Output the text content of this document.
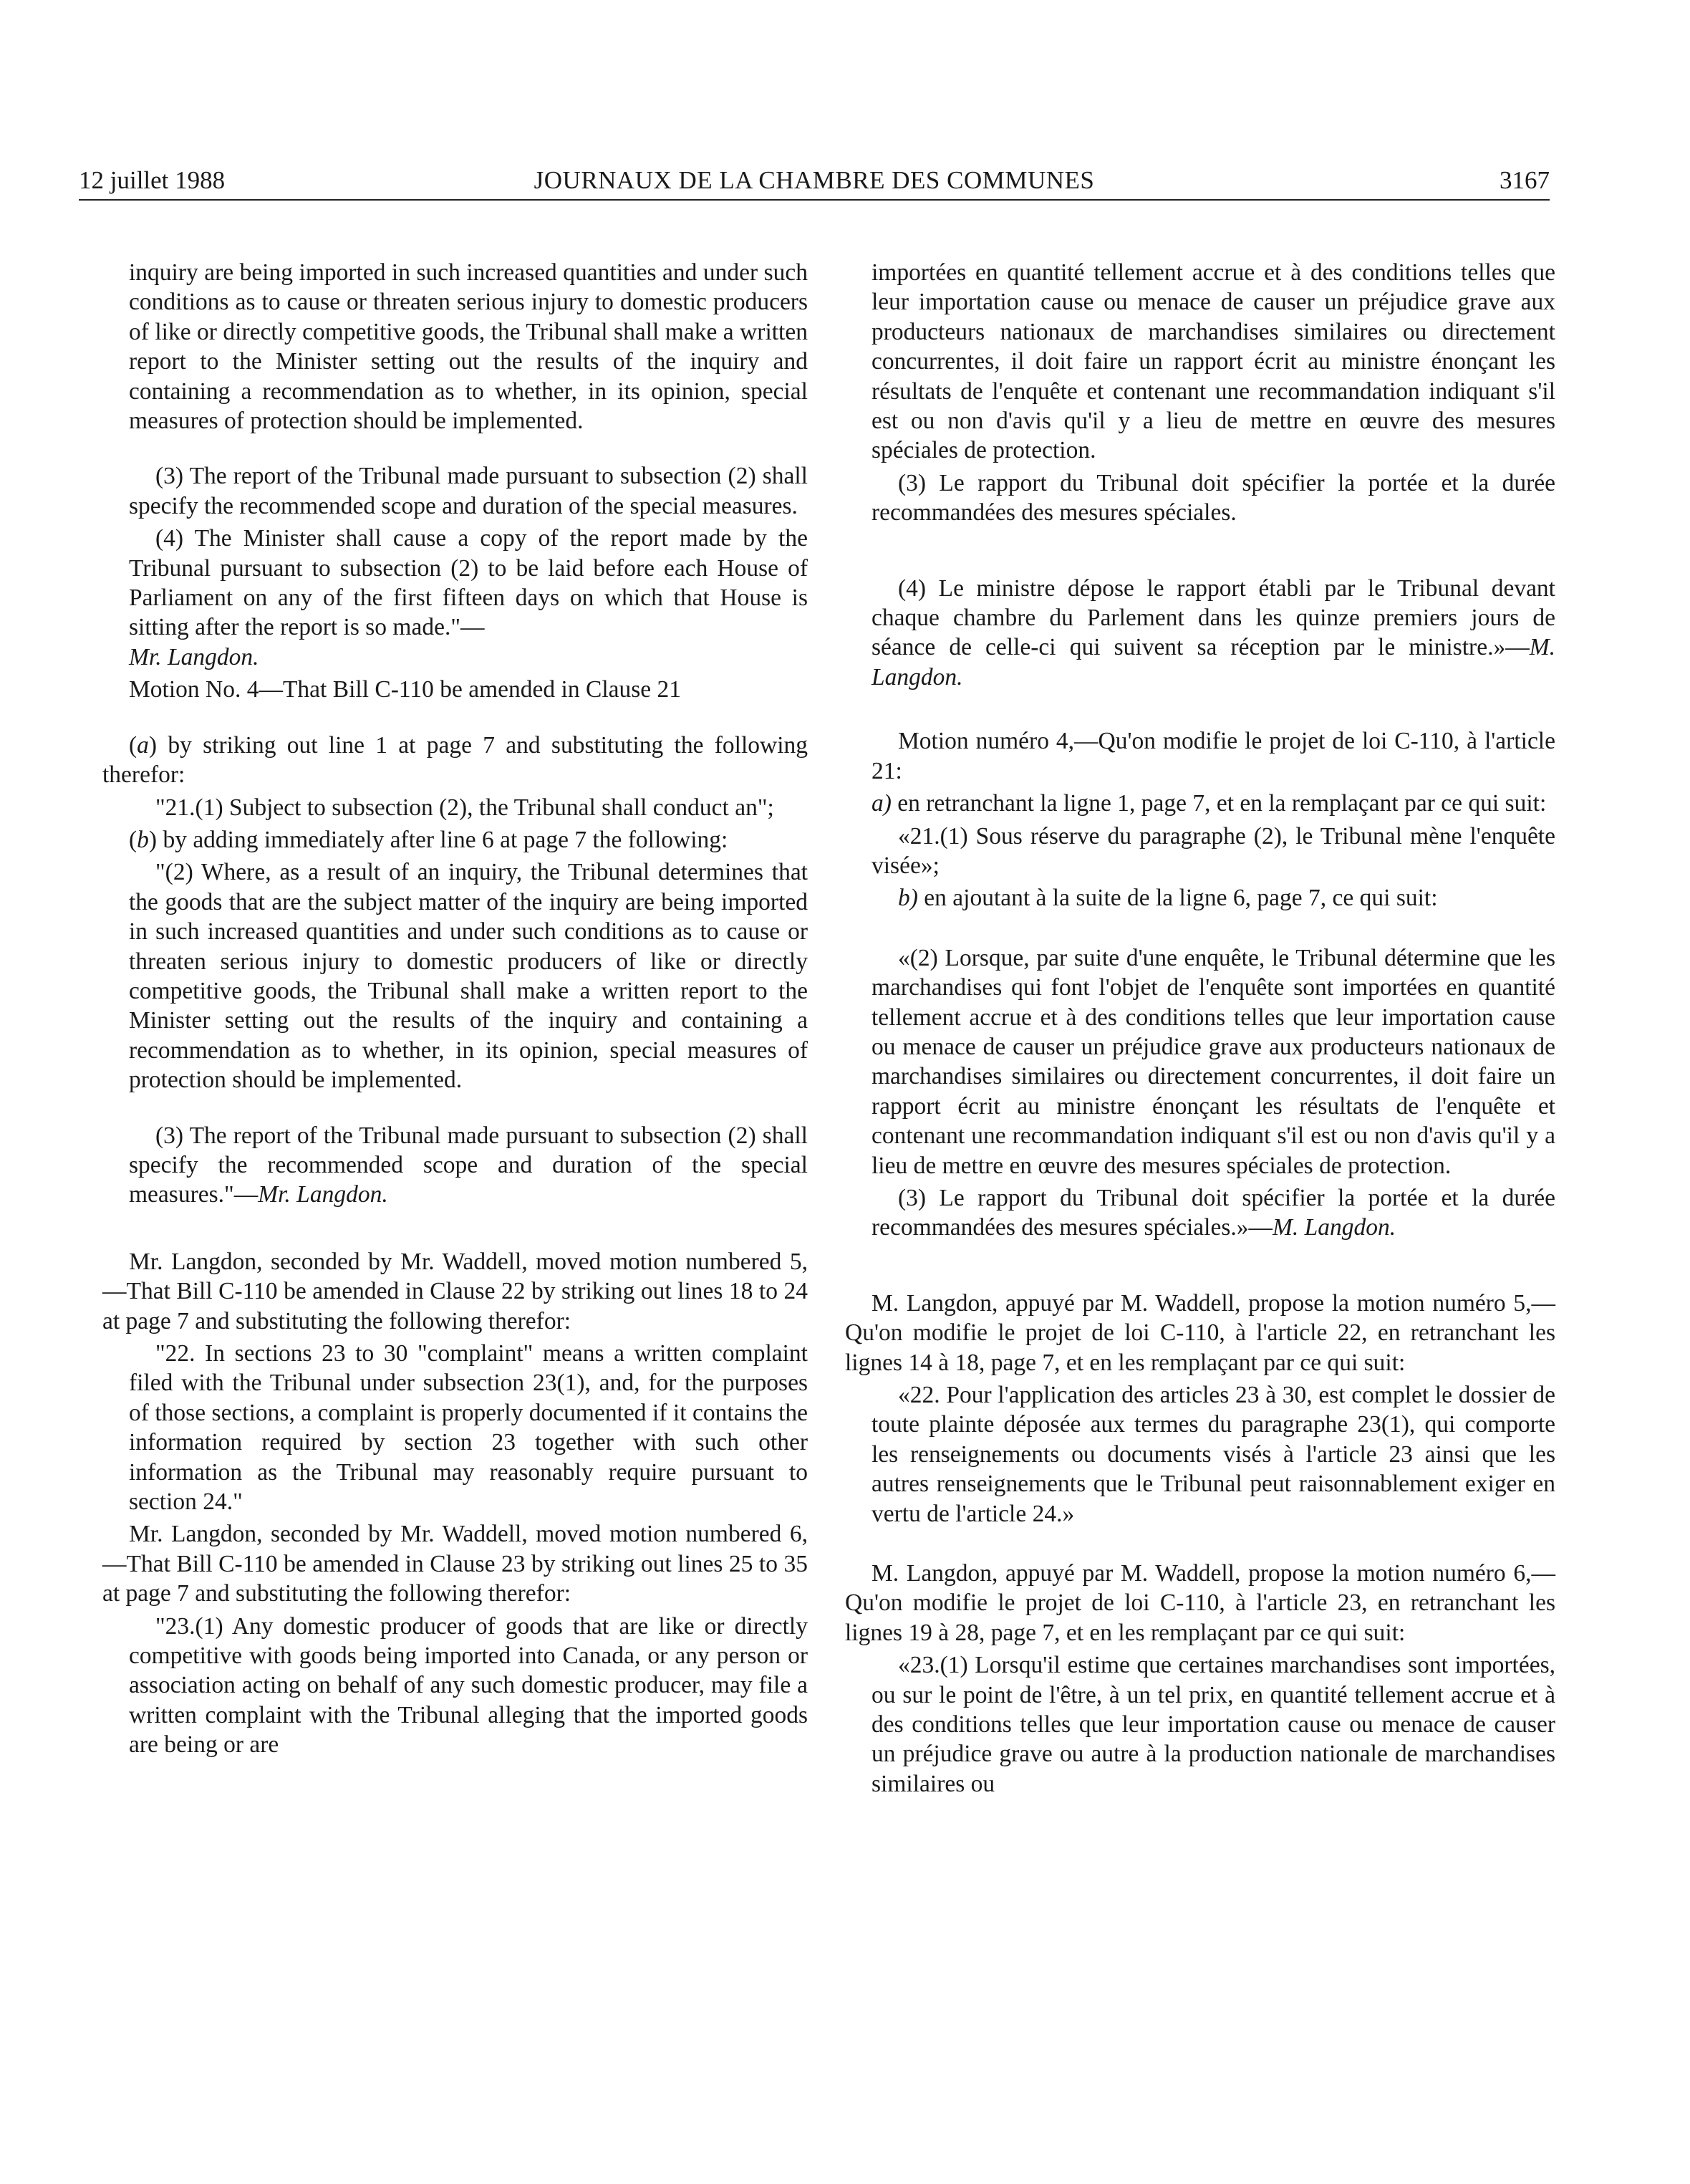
12 juillet 1988	JOURNAUX DE LA CHAMBRE DES COMMUNES	3167

inquiry are being imported in such increased quantities and under such conditions as to cause or threaten serious injury to domestic producers of like or directly competitive goods, the Tribunal shall make a written report to the Minister setting out the results of the inquiry and containing a recommendation as to whether, in its opinion, special measures of protection should be implemented.

(3) The report of the Tribunal made pursuant to subsection (2) shall specify the recommended scope and duration of the special measures.

(4) The Minister shall cause a copy of the report made by the Tribunal pursuant to subsection (2) to be laid before each House of Parliament on any of the first fifteen days on which that House is sitting after the report is so made."—
Mr. Langdon.

Motion No. 4—That Bill C-110 be amended in Clause 21

(a) by striking out line 1 at page 7 and substituting the following therefor:

"21.(1) Subject to subsection (2), the Tribunal shall conduct an";

(b) by adding immediately after line 6 at page 7 the following:

"(2) Where, as a result of an inquiry, the Tribunal determines that the goods that are the subject matter of the inquiry are being imported in such increased quantities and under such conditions as to cause or threaten serious injury to domestic producers of like or directly competitive goods, the Tribunal shall make a written report to the Minister setting out the results of the inquiry and containing a recommendation as to whether, in its opinion, special measures of protection should be implemented.

(3) The report of the Tribunal made pursuant to subsection (2) shall specify the recommended scope and duration of the special measures."—Mr. Langdon.

Mr. Langdon, seconded by Mr. Waddell, moved motion numbered 5,—That Bill C-110 be amended in Clause 22 by striking out lines 18 to 24 at page 7 and substituting the following therefor:

"22. In sections 23 to 30 "complaint" means a written complaint filed with the Tribunal under subsection 23(1), and, for the purposes of those sections, a complaint is properly documented if it contains the information required by section 23 together with such other information as the Tribunal may reasonably require pursuant to section 24."

Mr. Langdon, seconded by Mr. Waddell, moved motion numbered 6,—That Bill C-110 be amended in Clause 23 by striking out lines 25 to 35 at page 7 and substituting the following therefor:

"23.(1) Any domestic producer of goods that are like or directly competitive with goods being imported into Canada, or any person or association acting on behalf of any such domestic producer, may file a written complaint with the Tribunal alleging that the imported goods are being or are

importées en quantité tellement accrue et à des conditions telles que leur importation cause ou menace de causer un préjudice grave aux producteurs nationaux de marchandises similaires ou directement concurrentes, il doit faire un rapport écrit au ministre énonçant les résultats de l'enquête et contenant une recommandation indiquant s'il est ou non d'avis qu'il y a lieu de mettre en œuvre des mesures spéciales de protection.

(3) Le rapport du Tribunal doit spécifier la portée et la durée recommandées des mesures spéciales.

(4) Le ministre dépose le rapport établi par le Tribunal devant chaque chambre du Parlement dans les quinze premiers jours de séance de celle-ci qui suivent sa réception par le ministre.»—M. Langdon.

Motion numéro 4,—Qu'on modifie le projet de loi C-110, à l'article 21:

a) en retranchant la ligne 1, page 7, et en la remplaçant par ce qui suit:

«21.(1) Sous réserve du paragraphe (2), le Tribunal mène l'enquête visée»;

b) en ajoutant à la suite de la ligne 6, page 7, ce qui suit:

«(2) Lorsque, par suite d'une enquête, le Tribunal détermine que les marchandises qui font l'objet de l'enquête sont importées en quantité tellement accrue et à des conditions telles que leur importation cause ou menace de causer un préjudice grave aux producteurs nationaux de marchandises similaires ou directement concurrentes, il doit faire un rapport écrit au ministre énonçant les résultats de l'enquête et contenant une recommandation indiquant s'il est ou non d'avis qu'il y a lieu de mettre en œuvre des mesures spéciales de protection.

(3) Le rapport du Tribunal doit spécifier la portée et la durée recommandées des mesures spéciales.»—M. Langdon.

M. Langdon, appuyé par M. Waddell, propose la motion numéro 5,—Qu'on modifie le projet de loi C-110, à l'article 22, en retranchant les lignes 14 à 18, page 7, et en les remplaçant par ce qui suit:

«22. Pour l'application des articles 23 à 30, est complet le dossier de toute plainte déposée aux termes du paragraphe 23(1), qui comporte les renseignements ou documents visés à l'article 23 ainsi que les autres renseignements que le Tribunal peut raisonnablement exiger en vertu de l'article 24.»

M. Langdon, appuyé par M. Waddell, propose la motion numéro 6,—Qu'on modifie le projet de loi C-110, à l'article 23, en retranchant les lignes 19 à 28, page 7, et en les remplaçant par ce qui suit:

«23.(1) Lorsqu'il estime que certaines marchandises sont importées, ou sur le point de l'être, à un tel prix, en quantité tellement accrue et à des conditions telles que leur importation cause ou menace de causer un préjudice grave ou autre à la production nationale de marchandises similaires ou
